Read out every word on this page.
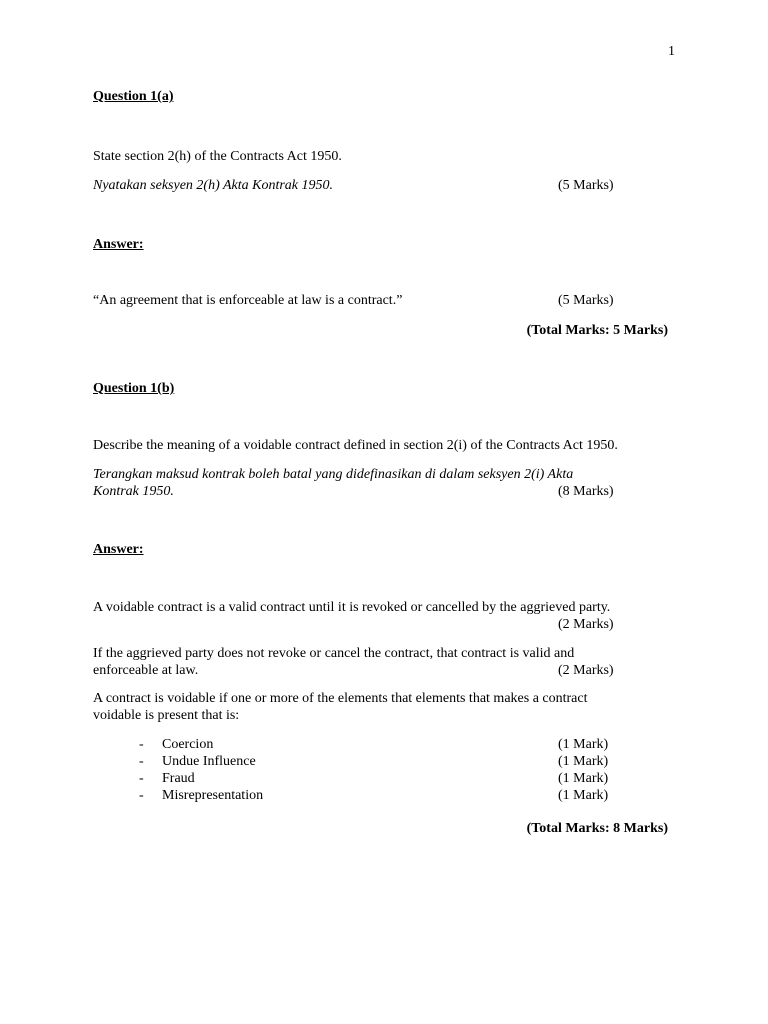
1
Question 1(a)
State section 2(h) of the Contracts Act 1950.
Nyatakan seksyen 2(h) Akta Kontrak 1950.	(5 Marks)
Answer:
“An agreement that is enforceable at law is a contract.”	(5 Marks)
(Total Marks: 5 Marks)
Question 1(b)
Describe the meaning of a voidable contract defined in section 2(i) of the Contracts Act 1950.
Terangkan maksud kontrak boleh batal yang didefinasikan di dalam seksyen 2(i) Akta
Kontrak 1950.	(8 Marks)
Answer:
A voidable contract is a valid contract until it is revoked or cancelled by the aggrieved party.
(2 Marks)
If the aggrieved party does not revoke or cancel the contract, that contract is valid and
enforceable at law.	(2 Marks)
A contract is voidable if one or more of the elements that elements that makes a contract
voidable is present that is:
- Coercion	(1 Mark)
- Undue Influence	(1 Mark)
- Fraud	(1 Mark)
- Misrepresentation	(1 Mark)
(Total Marks: 8 Marks)
